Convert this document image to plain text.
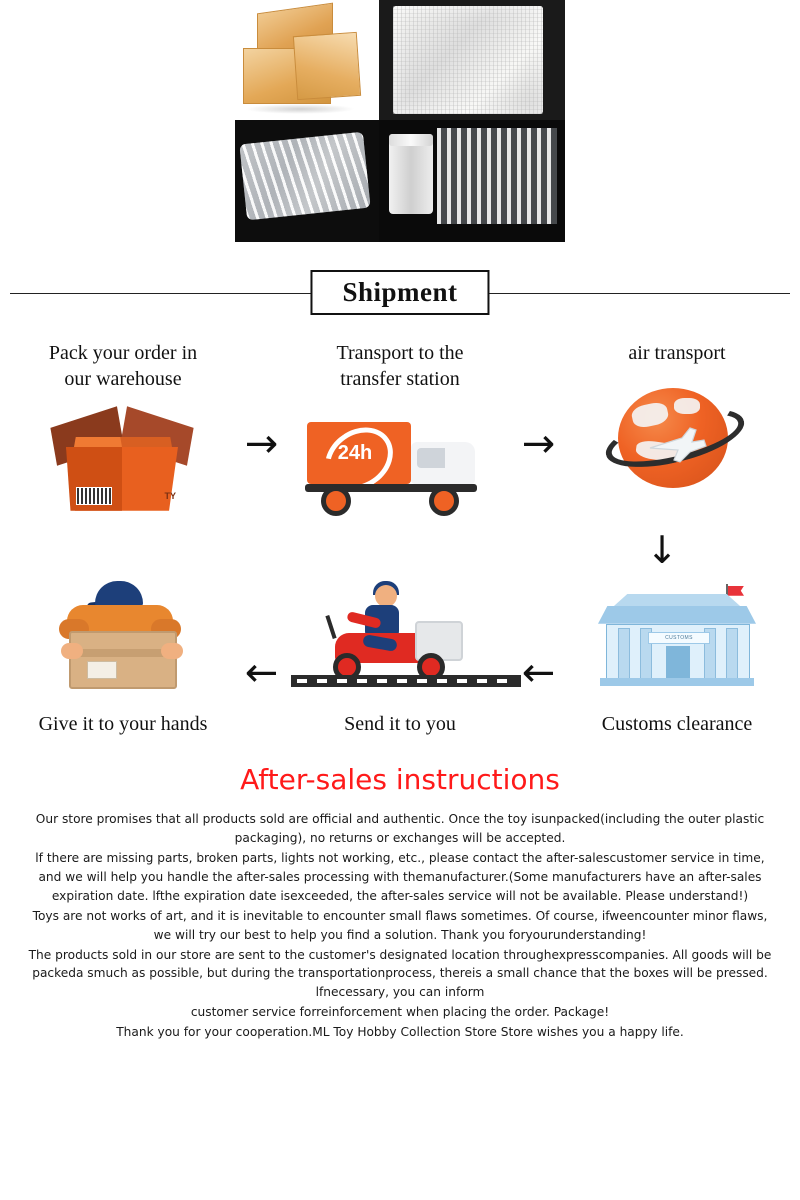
Shipment
Pack your order in
our warehouse
TY
→
Transport to the
transfer station
24h	→
air transport
↓
Give it to your hands
←
Send it to you
←
CUSTOMS
Customs clearance
After-sales instructions

Our store promises that all products sold are official and authentic. Once the toy isunpacked(including the outer plastic packaging), no returns or exchanges will be accepted.

lf there are missing parts, broken parts, lights not working, etc., please contact the after-salescustomer service in time, and we will help you handle the after-sales processing with themanufacturer.(Some manufacturers have an after-sales expiration date. lfthe expiration date isexceeded, the after-sales service will not be available. Please understand!)

Toys are not works of art, and it is inevitable to encounter small flaws sometimes. Of course, ifweencounter minor flaws, we will try our best to help you find a solution. Thank you foryourunderstanding!

The products sold in our store are sent to the customer's designated location throughexpresscompanies. All goods will be packeda smuch as possible, but during the transportationprocess, thereis a small chance that the boxes will be pressed. lfnecessary, you can inform

customer service forreinforcement when placing the order. Package!

Thank you for your cooperation.ML Toy Hobby Collection Store Store wishes you a happy life.
